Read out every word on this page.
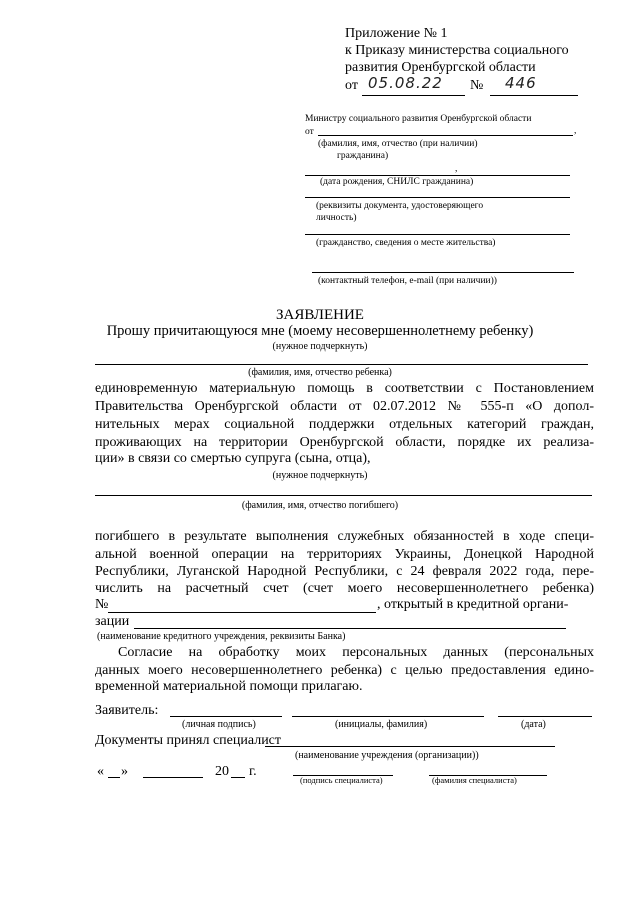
Приложение № 1
к Приказу министерства социального
развития Оренбургской области
от 05.08.22 № 446
Министру социального развития Оренбургской области
от	,
(фамилия, имя, отчество (при наличии)
гражданина)
,
(дата рождения, СНИЛС гражданина)
(реквизиты документа, удостоверяющего
личность)
(гражданство, сведения о месте жительства)
(контактный телефон, e-mail (при наличии))
ЗАЯВЛЕНИЕ
Прошу причитающуюся мне (моему несовершеннолетнему ребенку)
(нужное подчеркнуть)
(фамилия, имя, отчество ребенка)
единовременную материальную помощь в соответствии с Постановлением
Правительства Оренбургской области от 02.07.2012 № 555-п «О допол-
нительных мерах социальной поддержки отдельных категорий граждан,
проживающих на территории Оренбургской области, порядке их реализа-
ции» в связи со смертью супруга (сына, отца),
(нужное подчеркнуть)
(фамилия, имя, отчество погибшего)
погибшего в результате выполнения служебных обязанностей в ходе специ-
альной военной операции на территориях Украины, Донецкой Народной
Республики, Луганской Народной Республики, с 24 февраля 2022 года, пере-
числить на расчетный счет (счет моего несовершеннолетнего ребенка)
№	, открытый в кредитной органи-
зации
(наименование кредитного учреждения, реквизиты Банка)
Согласие на обработку моих персональных данных (персональных
данных моего несовершеннолетнего ребенка) с целью предоставления едино-
временной материальной помощи прилагаю.
Заявитель:
(личная подпись)	(инициалы, фамилия)	(дата)
Документы принял специалист
(наименование учреждения (организации))
« »	20 г.
(подпись специалиста)	(фамилия специалиста)
